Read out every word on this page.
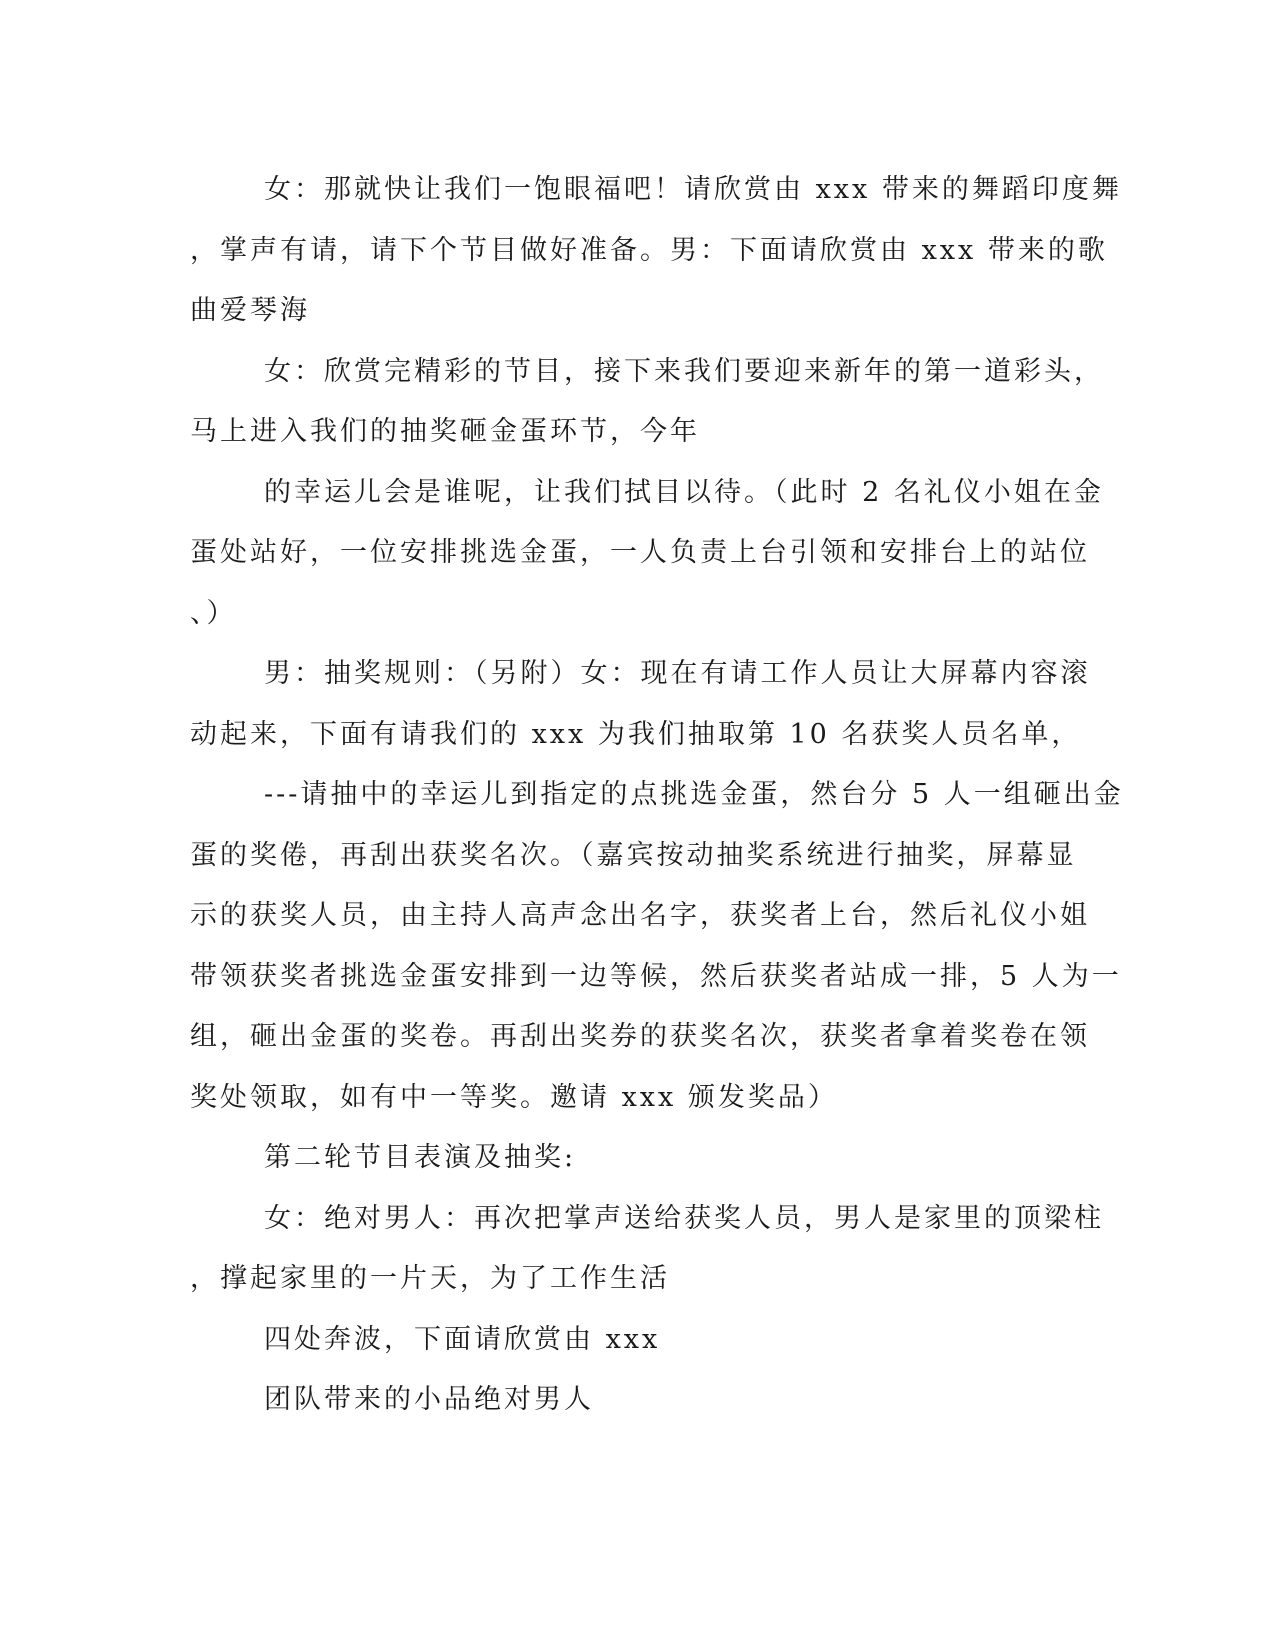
女：那就快让我们一饱眼福吧！请欣赏由 xxx 带来的舞蹈印度舞
，掌声有请，请下个节目做好准备。男：下面请欣赏由 xxx 带来的歌
曲爱琴海

女：欣赏完精彩的节目，接下来我们要迎来新年的第一道彩头，
马上进入我们的抽奖砸金蛋环节，今年

的幸运儿会是谁呢，让我们拭目以待。（此时 2 名礼仪小姐在金
蛋处站好，一位安排挑选金蛋，一人负责上台引领和安排台上的站位
、）

男：抽奖规则：（另附）女：现在有请工作人员让大屏幕内容滚
动起来，下面有请我们的 xxx 为我们抽取第 10 名获奖人员名单，

---请抽中的幸运儿到指定的点挑选金蛋，然台分 5 人一组砸出金
蛋的奖倦，再刮出获奖名次。（嘉宾按动抽奖系统进行抽奖，屏幕显
示的获奖人员，由主持人高声念出名字，获奖者上台，然后礼仪小姐
带领获奖者挑选金蛋安排到一边等候，然后获奖者站成一排，5 人为一
组，砸出金蛋的奖卷。再刮出奖券的获奖名次，获奖者拿着奖卷在领
奖处领取，如有中一等奖。邀请 xxx 颁发奖品）

第二轮节目表演及抽奖:

女：绝对男人：再次把掌声送给获奖人员，男人是家里的顶梁柱
，撑起家里的一片天，为了工作生活

四处奔波，下面请欣赏由 xxx

团队带来的小品绝对男人
